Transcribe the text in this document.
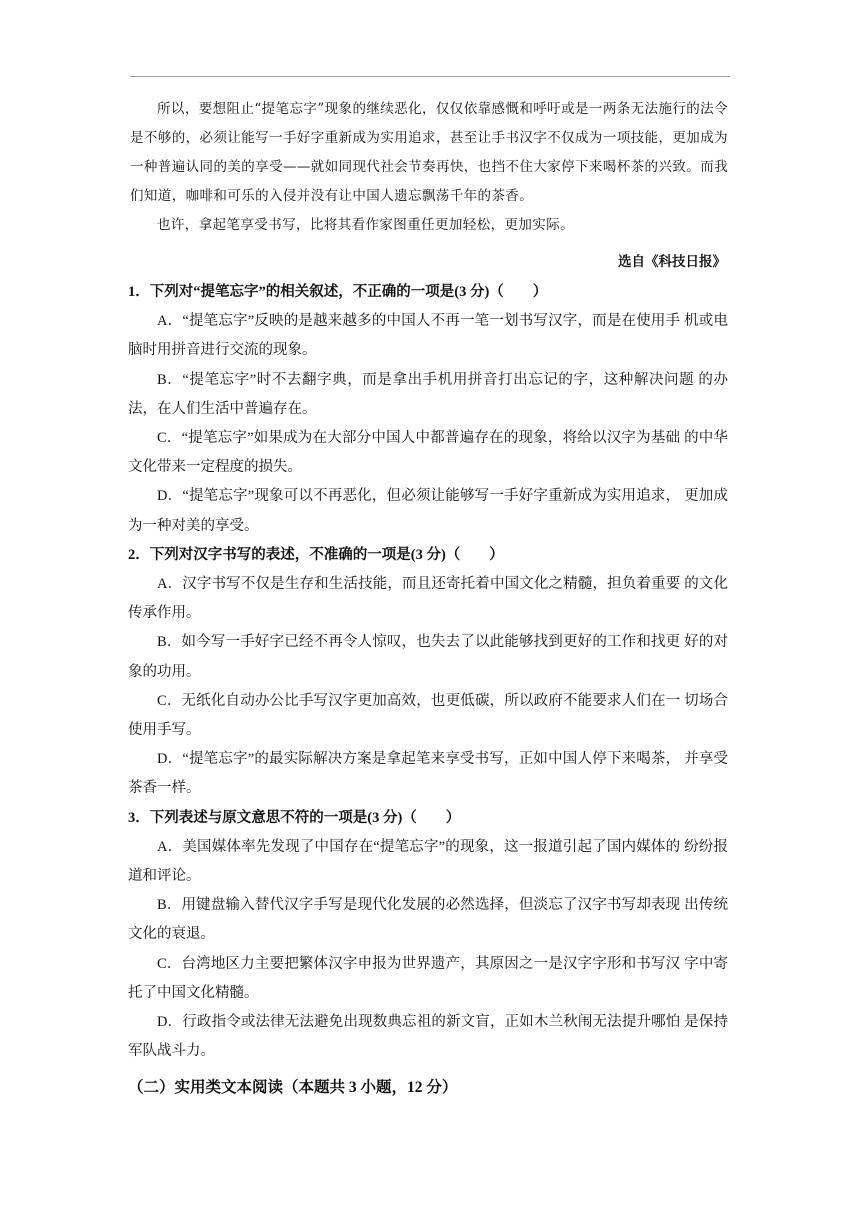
所以，要想阻止“提笔忘字”现象的继续恶化，仅仅依靠感慨和呼吁或是一两条无法施行的法令是不够的，必须让能写一手好字重新成为实用追求，甚至让手书汉字不仅成为一项技能，更加成为一种普遍认同的美的享受——就如同现代社会节奏再快，也挡不住大家停下来喝杯茶的兴致。而我们知道，咖啡和可乐的入侵并没有让中国人遗忘飘荡千年的茶香。

也许，拿起笔享受书写，比将其看作家图重任更加轻松，更加实际。

选自《科技日报》

1．下列对“提笔忘字”的相关叙述，不正确的一项是(3 分)（　　）

A．“提笔忘字”反映的是越来越多的中国人不再一笔一划书写汉字，而是在使用手 机或电脑时用拼音进行交流的现象。

B．“提笔忘字”时不去翻字典，而是拿出手机用拼音打出忘记的字，这种解决问题 的办法，在人们生活中普遍存在。

C．“提笔忘字”如果成为在大部分中国人中都普遍存在的现象，将给以汉字为基础 的中华文化带来一定程度的损失。

D．“提笔忘字”现象可以不再恶化，但必须让能够写一手好字重新成为实用追求， 更加成为一种对美的享受。

2．下列对汉字书写的表述，不准确的一项是(3 分)（　　）

A．汉字书写不仅是生存和生活技能，而且还寄托着中国文化之精髓，担负着重要 的文化传承作用。

B．如今写一手好字已经不再令人惊叹，也失去了以此能够找到更好的工作和找更 好的对象的功用。

C．无纸化自动办公比手写汉字更加高效，也更低碳，所以政府不能要求人们在一 切场合使用手写。

D．“提笔忘字”的最实际解决方案是拿起笔来享受书写，正如中国人停下来喝茶， 并享受茶香一样。

3．下列表述与原文意思不符的一项是(3 分)（　　）

A．美国媒体率先发现了中国存在“提笔忘字”的现象，这一报道引起了国内媒体的 纷纷报道和评论。

B．用键盘输入替代汉字手写是现代化发展的必然选择，但淡忘了汉字书写却表现 出传统文化的衰退。

C．台湾地区力主要把繁体汉字申报为世界遗产，其原因之一是汉字字形和书写汉 字中寄托了中国文化精髓。

D．行政指令或法律无法避免出现数典忘祖的新文盲，正如木兰秋闱无法提升哪怕 是保持军队战斗力。

（二）实用类文本阅读（本题共 3 小题，12 分）
